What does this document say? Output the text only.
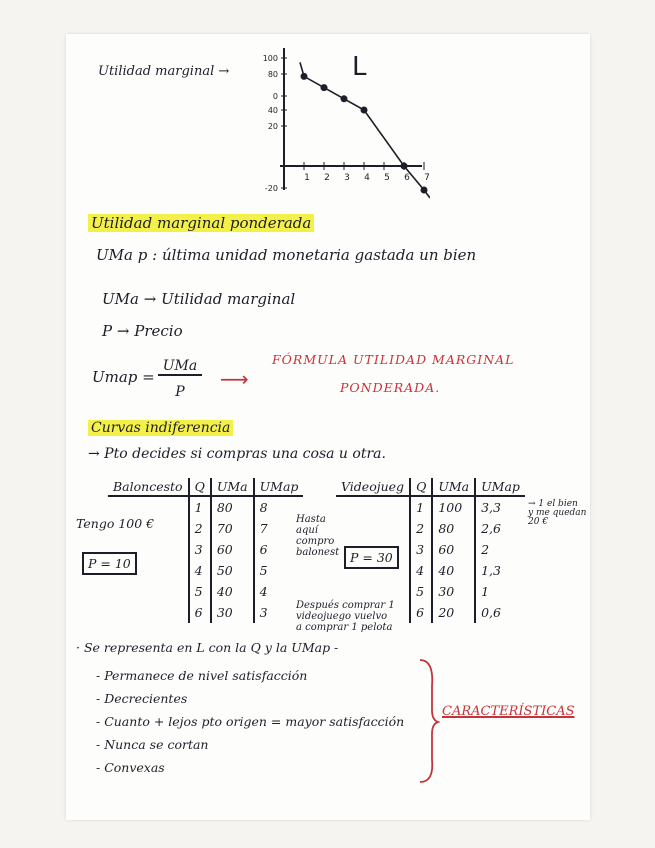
Utilidad marginal →	L
100
80
0
40
20
-20
1 2 3 4 5 6 7
Utilidad marginal ponderada
UMa p : última unidad monetaria gastada un bien
UMa → Utilidad marginal
P → Precio
Umap =
UMa
P
⟶
FÓRMULA UTILIDAD MARGINAL
PONDERADA.
Curvas indiferencia
→ Pto decides si compras una cosa u otra.
Baloncesto	Q	UMa	UMap
	1	80	8
	2	70	7
	3	60	6
	4	50	5
	5	40	4
	6	30	3
Tengo 100 €
P = 10
Hasta
aquí
compro
balonest
Después comprar 1
videojuego vuelvo
a comprar 1 pelota
Videojueg	Q	UMa	UMap
	1	100	3,3
	2	80	2,6
	3	60	2
	4	40	1,3
	5	30	1
	6	20	0,6
P = 30
→ 1 el bien
y me quedan
20 €
· Se representa en L con la Q y la UMap -
- Permanece de nivel satisfacción
- Decrecientes
- Cuanto + lejos pto origen = mayor satisfacción
- Nunca se cortan
- Convexas
CARACTERÍSTICAS
